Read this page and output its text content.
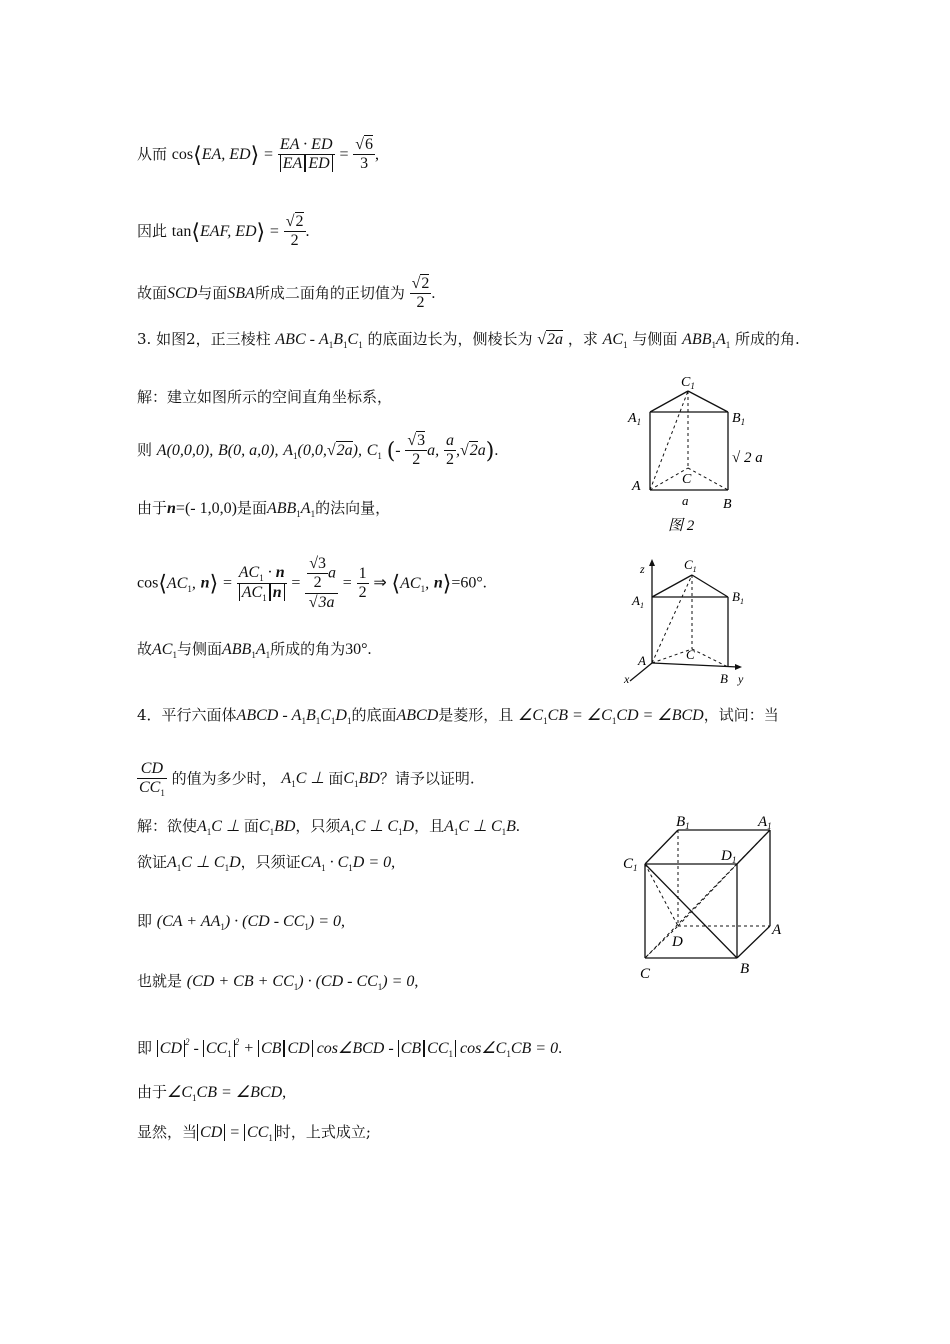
从而 cos⟨EA, ED⟩ = $\frac{EA \cdot ED}{\text{EA ED}} = \frac{√6}{3}$ ,
因此 tan⟨EAF, ED⟩ = $\frac{√2}{2}$ .
故面SCD与面SBA所成二面角的正切值为 $\frac{√2}{2}$ .
3. 如图2，正三棱柱 ABC - $A_1B_1C_1$ 的底面边长为，侧棱长为 √2a ，求 $AC_1$ 与侧面 $ABB_1A_1$ 所成的角.
解：建立如图所示的空间直角坐标系，
则 A(0,0,0), B(0, a,0), $A_1(0,0,√2a)$, $C_1$ (- $\frac{√3}{2} a$, $\frac{a}{2} ,√2a$).
由于n=(- 1,0,0)是面$ABB_1A_1$的法向量，
$\cos⟨AC_1$, n⟩ = $\frac{AC_1 \cdot n}{AC_1 n} = \frac{\frac{√3}{2} a}{√3a} = \frac{1}{2}$ ⇒ $⟨AC_1$, n⟩=60°.
故$AC_1$与侧面$ABB_1A_1$所成的角为30°.
4．平行六面体ABCD - $A_1B_1C_1D_1$的底面ABCD是菱形，且 $\angle C_1CB$ = $\angle C_1CD$ = ∠BCD，试问：当
$\frac{CD}{CC_1}$ 的值为多少时， $A_1C$ ⊥ 面$C_1BD$？请予以证明.
解：欲使$A_1C$ ⊥ 面$C_1BD$，只须$A_1C$ ⊥ $C_1D$，且$A_1C$ ⊥ $C_1B$.
欲证$A_1C$ ⊥ $C_1D$，只须证$CA_1 \cdot C_1D = 0$,
即 $(CA + AA_1) \cdot (CD - CC_1) = 0$,
也就是 (CD + CB + $CC_1) \cdot (CD - CC_1) = 0$,
即 CD $^2 - CC_1^2$ + CB CD cos∠BCD - CB $CC_1$ $\cos\angle C_1CB = 0$.
由于$\angle C_1CB$ = ∠BCD,
显然，当 CD = $CC_1$ 时，上式成立;
$C_1$
$A_1$	$B_1$
√ 2 a
A	C
a B
图 2
z	$C_1$
$A_1$
$B_1$
A	C
x	B y
$B_1$	$A_1$
$C_1$
$D_1$
D
A
C	B
